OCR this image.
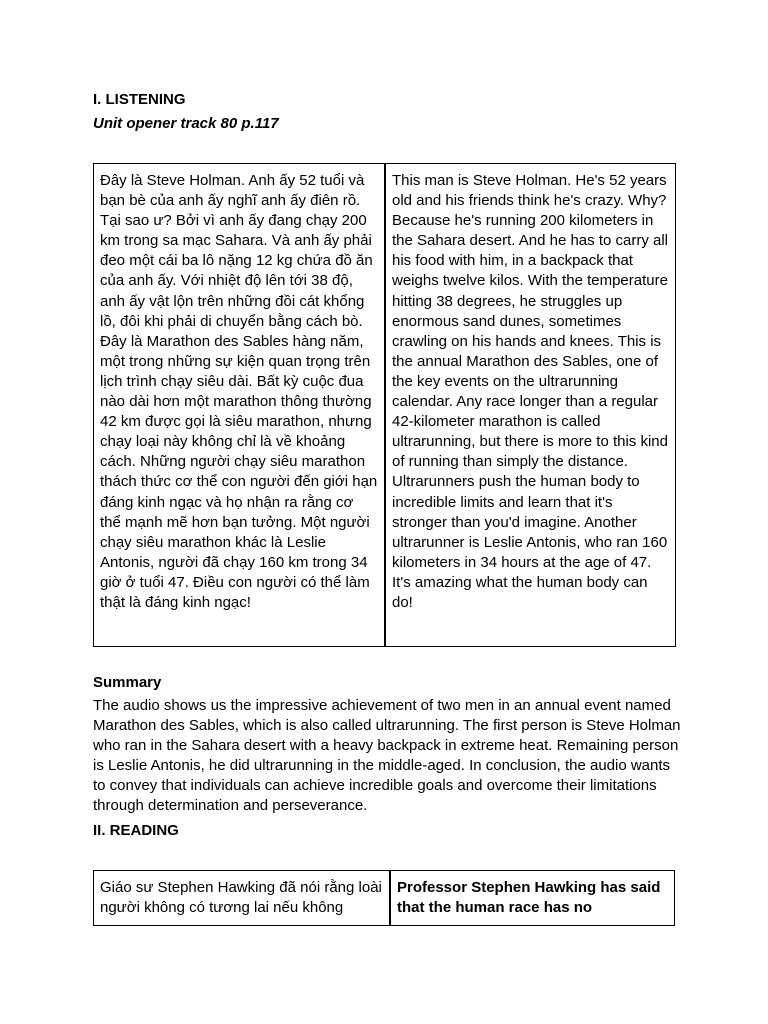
I. LISTENING
Unit opener track 80 p.117
Đây là Steve Holman. Anh ấy 52 tuổi và bạn bè của anh ấy nghĩ anh ấy điên rồ. Tại sao ư? Bởi vì anh ấy đang chạy 200 km trong sa mạc Sahara. Và anh ấy phải đeo một cái ba lô nặng 12 kg chứa đồ ăn của anh ấy. Với nhiệt độ lên tới 38 độ, anh ấy vật lộn trên những đồi cát khổng lồ, đôi khi phải di chuyển bằng cách bò. Đây là Marathon des Sables hàng năm, một trong những sự kiện quan trọng trên lịch trình chạy siêu dài. Bất kỳ cuộc đua nào dài hơn một marathon thông thường 42 km được gọi là siêu marathon, nhưng chạy loại này không chỉ là về khoảng cách. Những người chạy siêu marathon thách thức cơ thể con người đến giới hạn đáng kinh ngạc và họ nhận ra rằng cơ thể mạnh mẽ hơn bạn tưởng. Một người chạy siêu marathon khác là Leslie Antonis, người đã chạy 160 km trong 34 giờ ở tuổi 47. Điều con người có thể làm thật là đáng kinh ngạc!
This man is Steve Holman. He's 52 years old and his friends think he's crazy. Why? Because he's running 200 kilometers in the Sahara desert. And he has to carry all his food with him, in a backpack that weighs twelve kilos. With the temperature hitting 38 degrees, he struggles up enormous sand dunes, sometimes crawling on his hands and knees. This is the annual Marathon des Sables, one of the key events on the ultrarunning calendar. Any race longer than a regular 42-kilometer marathon is called ultrarunning, but there is more to this kind of running than simply the distance. Ultrarunners push the human body to incredible limits and learn that it's stronger than you'd imagine. Another ultrarunner is Leslie Antonis, who ran 160 kilometers in 34 hours at the age of 47. It's amazing what the human body can do!
Summary
The audio shows us the impressive achievement of two men in an annual event named Marathon des Sables, which is also called ultrarunning. The first person is Steve Holman who ran in the Sahara desert with a heavy backpack in extreme heat. Remaining person is Leslie Antonis, he did ultrarunning in the middle-aged. In conclusion, the audio wants to convey that individuals can achieve incredible goals and overcome their limitations through determination and perseverance.
II. READING
Giáo sư Stephen Hawking đã nói rằng loài người không có tương lai nếu không
Professor Stephen Hawking has said that the human race has no
